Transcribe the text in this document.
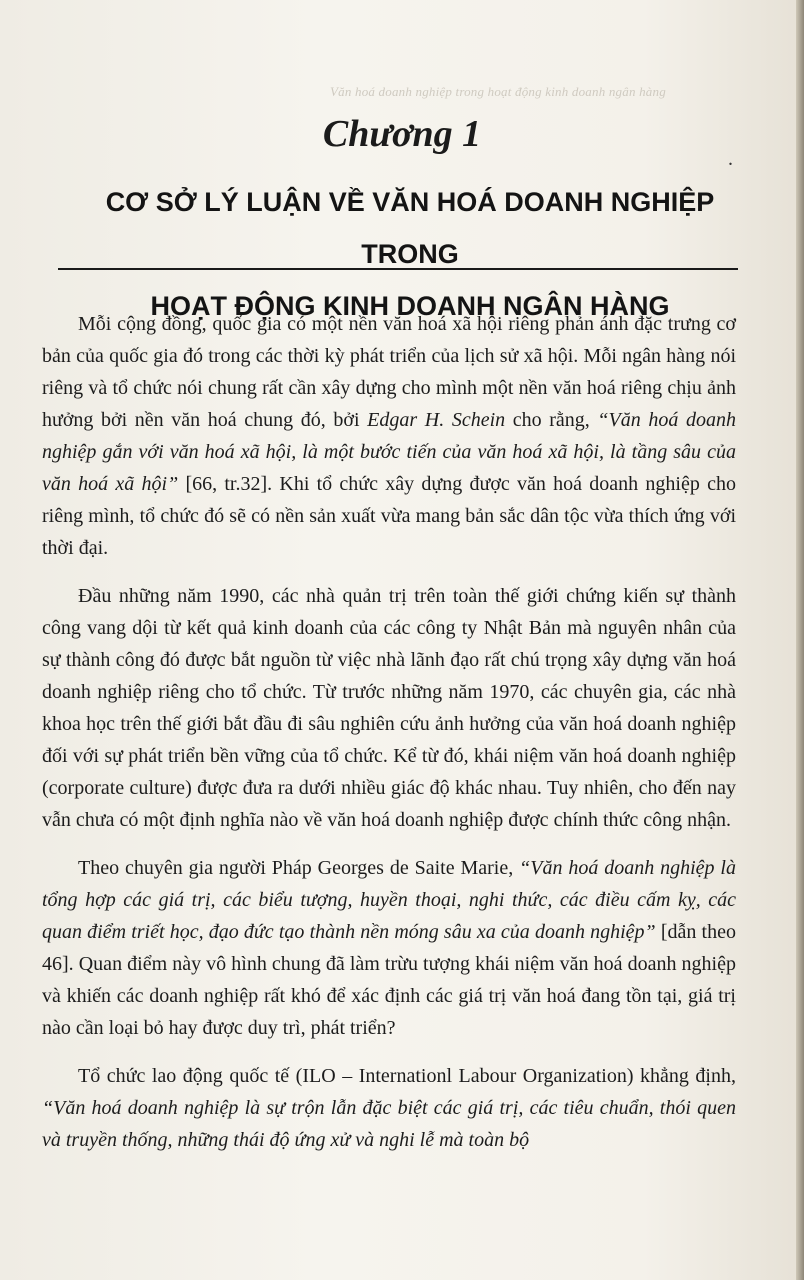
Văn hoá doanh nghiệp trong hoạt động kinh doanh ngân hàng
Chương 1
.
CƠ SỞ LÝ LUẬN VỀ VĂN HOÁ DOANH NGHIỆP TRONG
HOẠT ĐỘNG KINH DOANH NGÂN HÀNG

Mỗi cộng đồng, quốc gia có một nền văn hoá xã hội riêng phản ánh đặc trưng cơ bản của quốc gia đó trong các thời kỳ phát triển của lịch sử xã hội. Mỗi ngân hàng nói riêng và tổ chức nói chung rất cần xây dựng cho mình một nền văn hoá riêng chịu ảnh hưởng bởi nền văn hoá chung đó, bởi Edgar H. Schein cho rằng, “Văn hoá doanh nghiệp gắn với văn hoá xã hội, là một bước tiến của văn hoá xã hội, là tầng sâu của văn hoá xã hội” [66, tr.32]. Khi tổ chức xây dựng được văn hoá doanh nghiệp cho riêng mình, tổ chức đó sẽ có nền sản xuất vừa mang bản sắc dân tộc vừa thích ứng với thời đại.

Đầu những năm 1990, các nhà quản trị trên toàn thế giới chứng kiến sự thành công vang dội từ kết quả kinh doanh của các công ty Nhật Bản mà nguyên nhân của sự thành công đó được bắt nguồn từ việc nhà lãnh đạo rất chú trọng xây dựng văn hoá doanh nghiệp riêng cho tổ chức. Từ trước những năm 1970, các chuyên gia, các nhà khoa học trên thế giới bắt đầu đi sâu nghiên cứu ảnh hưởng của văn hoá doanh nghiệp đối với sự phát triển bền vững của tổ chức. Kể từ đó, khái niệm văn hoá doanh nghiệp (corporate culture) được đưa ra dưới nhiều giác độ khác nhau. Tuy nhiên, cho đến nay vẫn chưa có một định nghĩa nào về văn hoá doanh nghiệp được chính thức công nhận.

Theo chuyên gia người Pháp Georges de Saite Marie, “Văn hoá doanh nghiệp là tổng hợp các giá trị, các biểu tượng, huyền thoại, nghi thức, các điều cấm kỵ, các quan điểm triết học, đạo đức tạo thành nền móng sâu xa của doanh nghiệp” [dẫn theo 46]. Quan điểm này vô hình chung đã làm trừu tượng khái niệm văn hoá doanh nghiệp và khiến các doanh nghiệp rất khó để xác định các giá trị văn hoá đang tồn tại, giá trị nào cần loại bỏ hay được duy trì, phát triển?

Tổ chức lao động quốc tế (ILO – Internationl Labour Organization) khẳng định, “Văn hoá doanh nghiệp là sự trộn lẫn đặc biệt các giá trị, các tiêu chuẩn, thói quen và truyền thống, những thái độ ứng xử và nghi lễ mà toàn bộ
